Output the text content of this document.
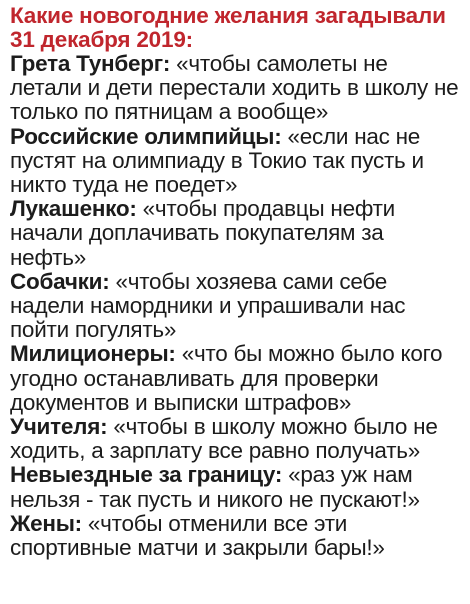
Какие новогодние желания загадывали 31 декабря 2019:
Грета Тунберг: «чтобы самолеты не летали и дети перестали ходить в школу не только по пятницам а вообще»
Российские олимпийцы: «если нас не пустят на олимпиаду в Токио так пусть и никто туда не поедет»
Лукашенко: «чтобы продавцы нефти начали доплачивать покупателям за нефть»
Собачки: «чтобы хозяева сами себе надели намордники и упрашивали нас пойти погулять»
Милиционеры: «что бы можно было кого угодно останавливать для проверки документов и выписки штрафов»
Учителя: «чтобы в школу можно было не ходить, а зарплату все равно получать»
Невыездные за границу: «раз уж нам нельзя - так пусть и никого не пускают!»
Жены: «чтобы отменили все эти спортивные матчи и закрыли бары!»
